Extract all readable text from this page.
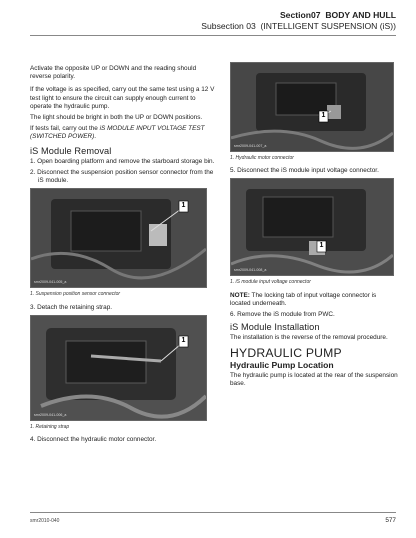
Section07 BODY AND HULL
Subsection 03 (INTELLIGENT SUSPENSION (iS))

Activate the opposite UP or DOWN and the reading should reverse polarity.

If the voltage is as specified, carry out the same test using a 12 V test light to ensure the circuit can supply enough current to operate the hydraulic pump.

The light should be bright in both the UP or DOWN positions.

If tests fail, carry out the iS MODULE INPUT VOLTAGE TEST (SWITCHED POWER).

iS Module Removal

1. Open boarding platform and remove the starboard storage bin.

2. Disconnect the suspension position sensor connector from the iS module.

1
smr2009-041-005_a
1. Suspension position sensor connector

3. Detach the retaining strap.

1
smr2009-041-006_a
1. Retaining strap

4. Disconnect the hydraulic motor connector.

1
smr2009-041-007_a
1. Hydraulic motor connector

5. Disconnect the iS module input voltage connector.

1
smr2009-041-008_a
1. iS module input voltage connector

NOTE: The locking tab of input voltage connector is located underneath.

6. Remove the iS module from PWC.

iS Module Installation

The installation is the reverse of the removal procedure.

HYDRAULIC PUMP
Hydraulic Pump Location

The hydraulic pump is located at the rear of the suspension base.

smr2010-040	577
